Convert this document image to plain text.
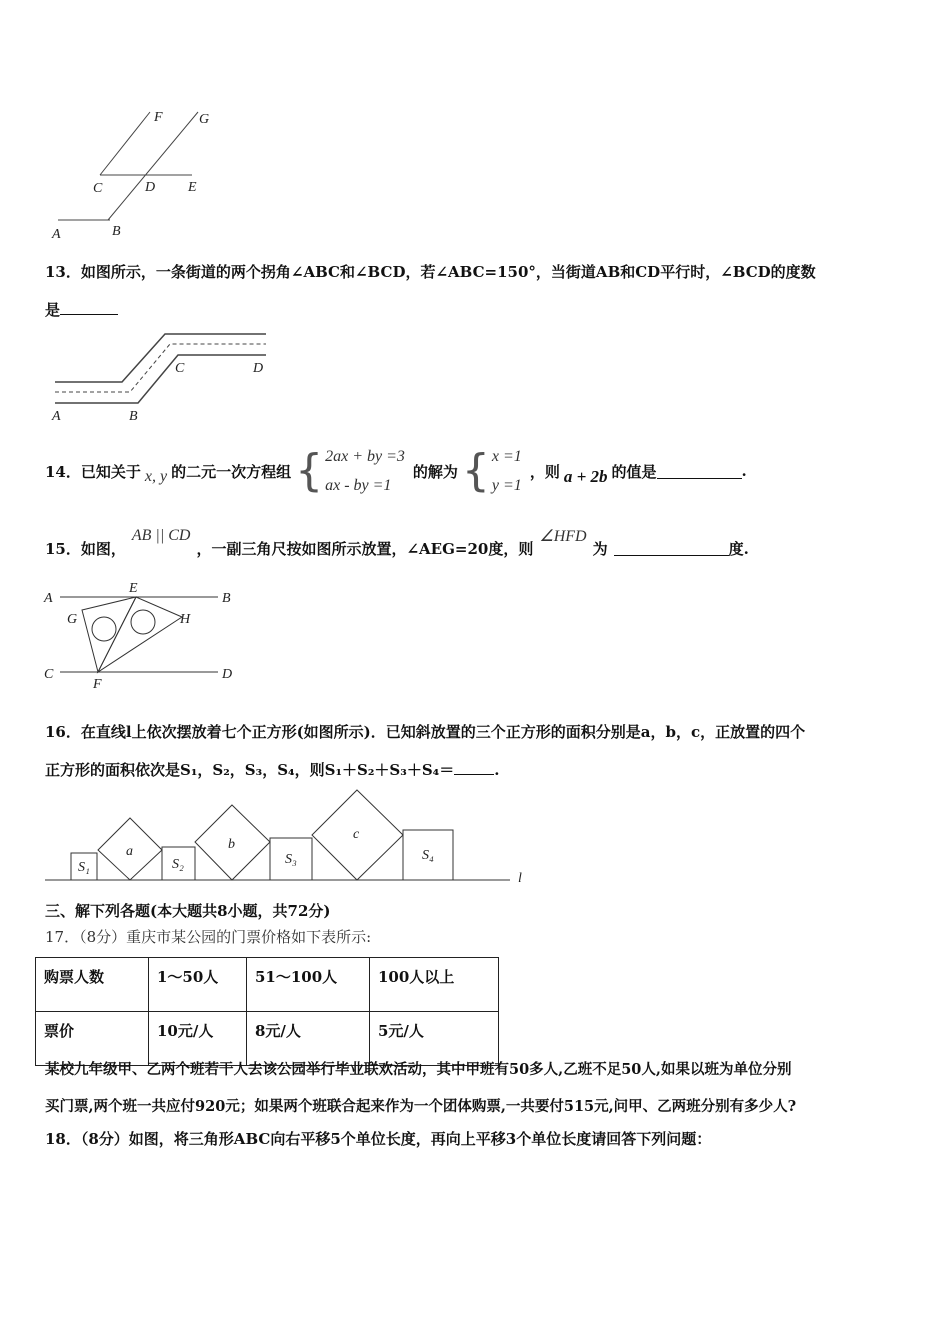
F	G
C	D E
A	B
A	B
C	D
A	B
C	D
E
F
G	H
S₁
a
S₂
b
S₃
c
S₄
l
13．如图所示，一条街道的两个拐角∠ABC和∠BCD，若∠ABC=150°，当街道AB和CD平行时，∠BCD的度数
是
14．已知关于 x, y 的二元一次方程组 { 2ax + by =3
ax - by =1
的解为 { x =1
y =1
，则 a + 2b 的值是	.
15．如图，
AB || CD
，一副三角尺按如图所示放置，∠AEG=20度，则
∠HFD
为	度.
16．在直线l上依次摆放着七个正方形(如图所示)．已知斜放置的三个正方形的面积分别是a，b，c，正放置的四个
正方形的面积依次是S₁，S₂，S₃，S₄，则S₁＋S₂＋S₃＋S₄＝	.
三、解下列各题(本大题共8小题，共72分)
17．（8分）重庆市某公园的门票价格如下表所示:
购票人数	1～50人	51～100人	100人以上
票价	10元/人	8元/人	5元/人
某校九年级甲、乙两个班若干人去该公园举行毕业联欢活动，其中甲班有50多人,乙班不足50人,如果以班为单位分别
买门票,两个班一共应付920元；如果两个班联合起来作为一个团体购票,一共要付515元,问甲、乙两班分别有多少人?
18．（8分）如图，将三角形ABC向右平移5个单位长度，再向上平移3个单位长度请回答下列问题：
